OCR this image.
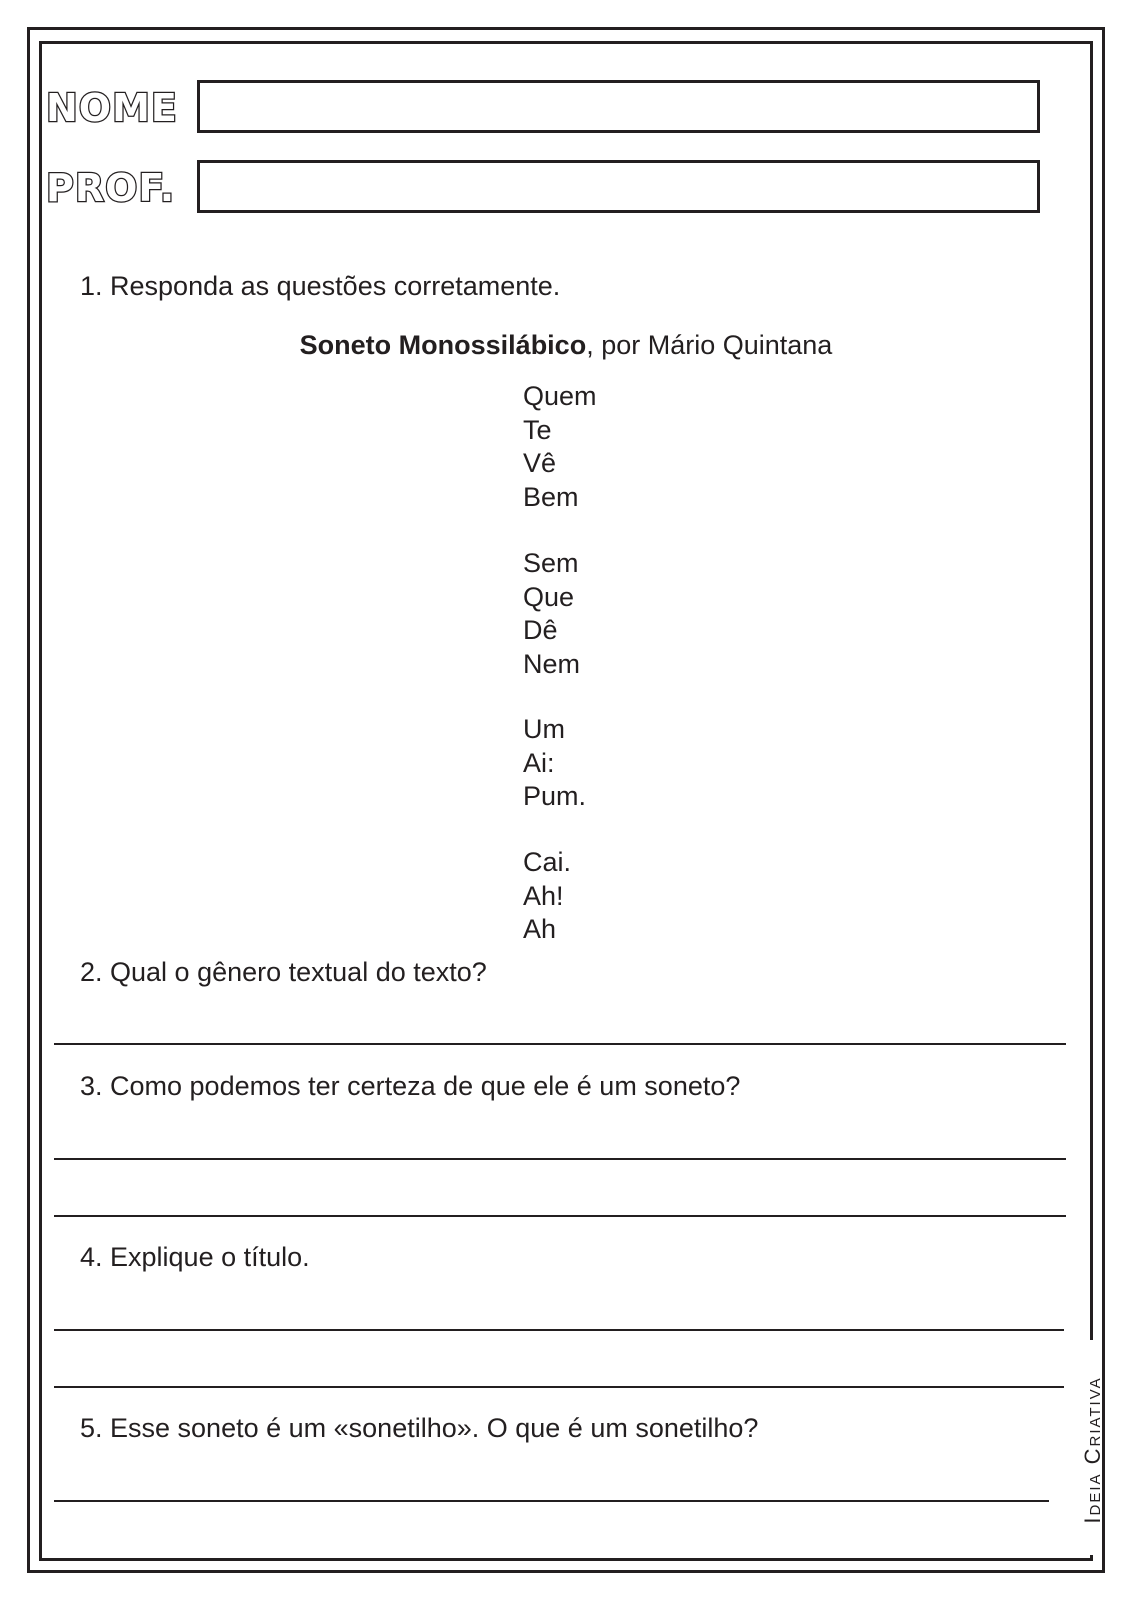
Ideia Criativa
NOME
PROF.
1. Responda as questões corretamente.
Soneto Monossilábico, por Mário Quintana
Quem
Te
Vê
Bem
Sem
Que
Dê
Nem
Um
Ai:
Pum.
Cai.
Ah!
Ah
2. Qual o gênero textual do texto?
3. Como podemos ter certeza de que ele é um soneto?
4. Explique o título.
5. Esse soneto é um «sonetilho». O que é um sonetilho?
